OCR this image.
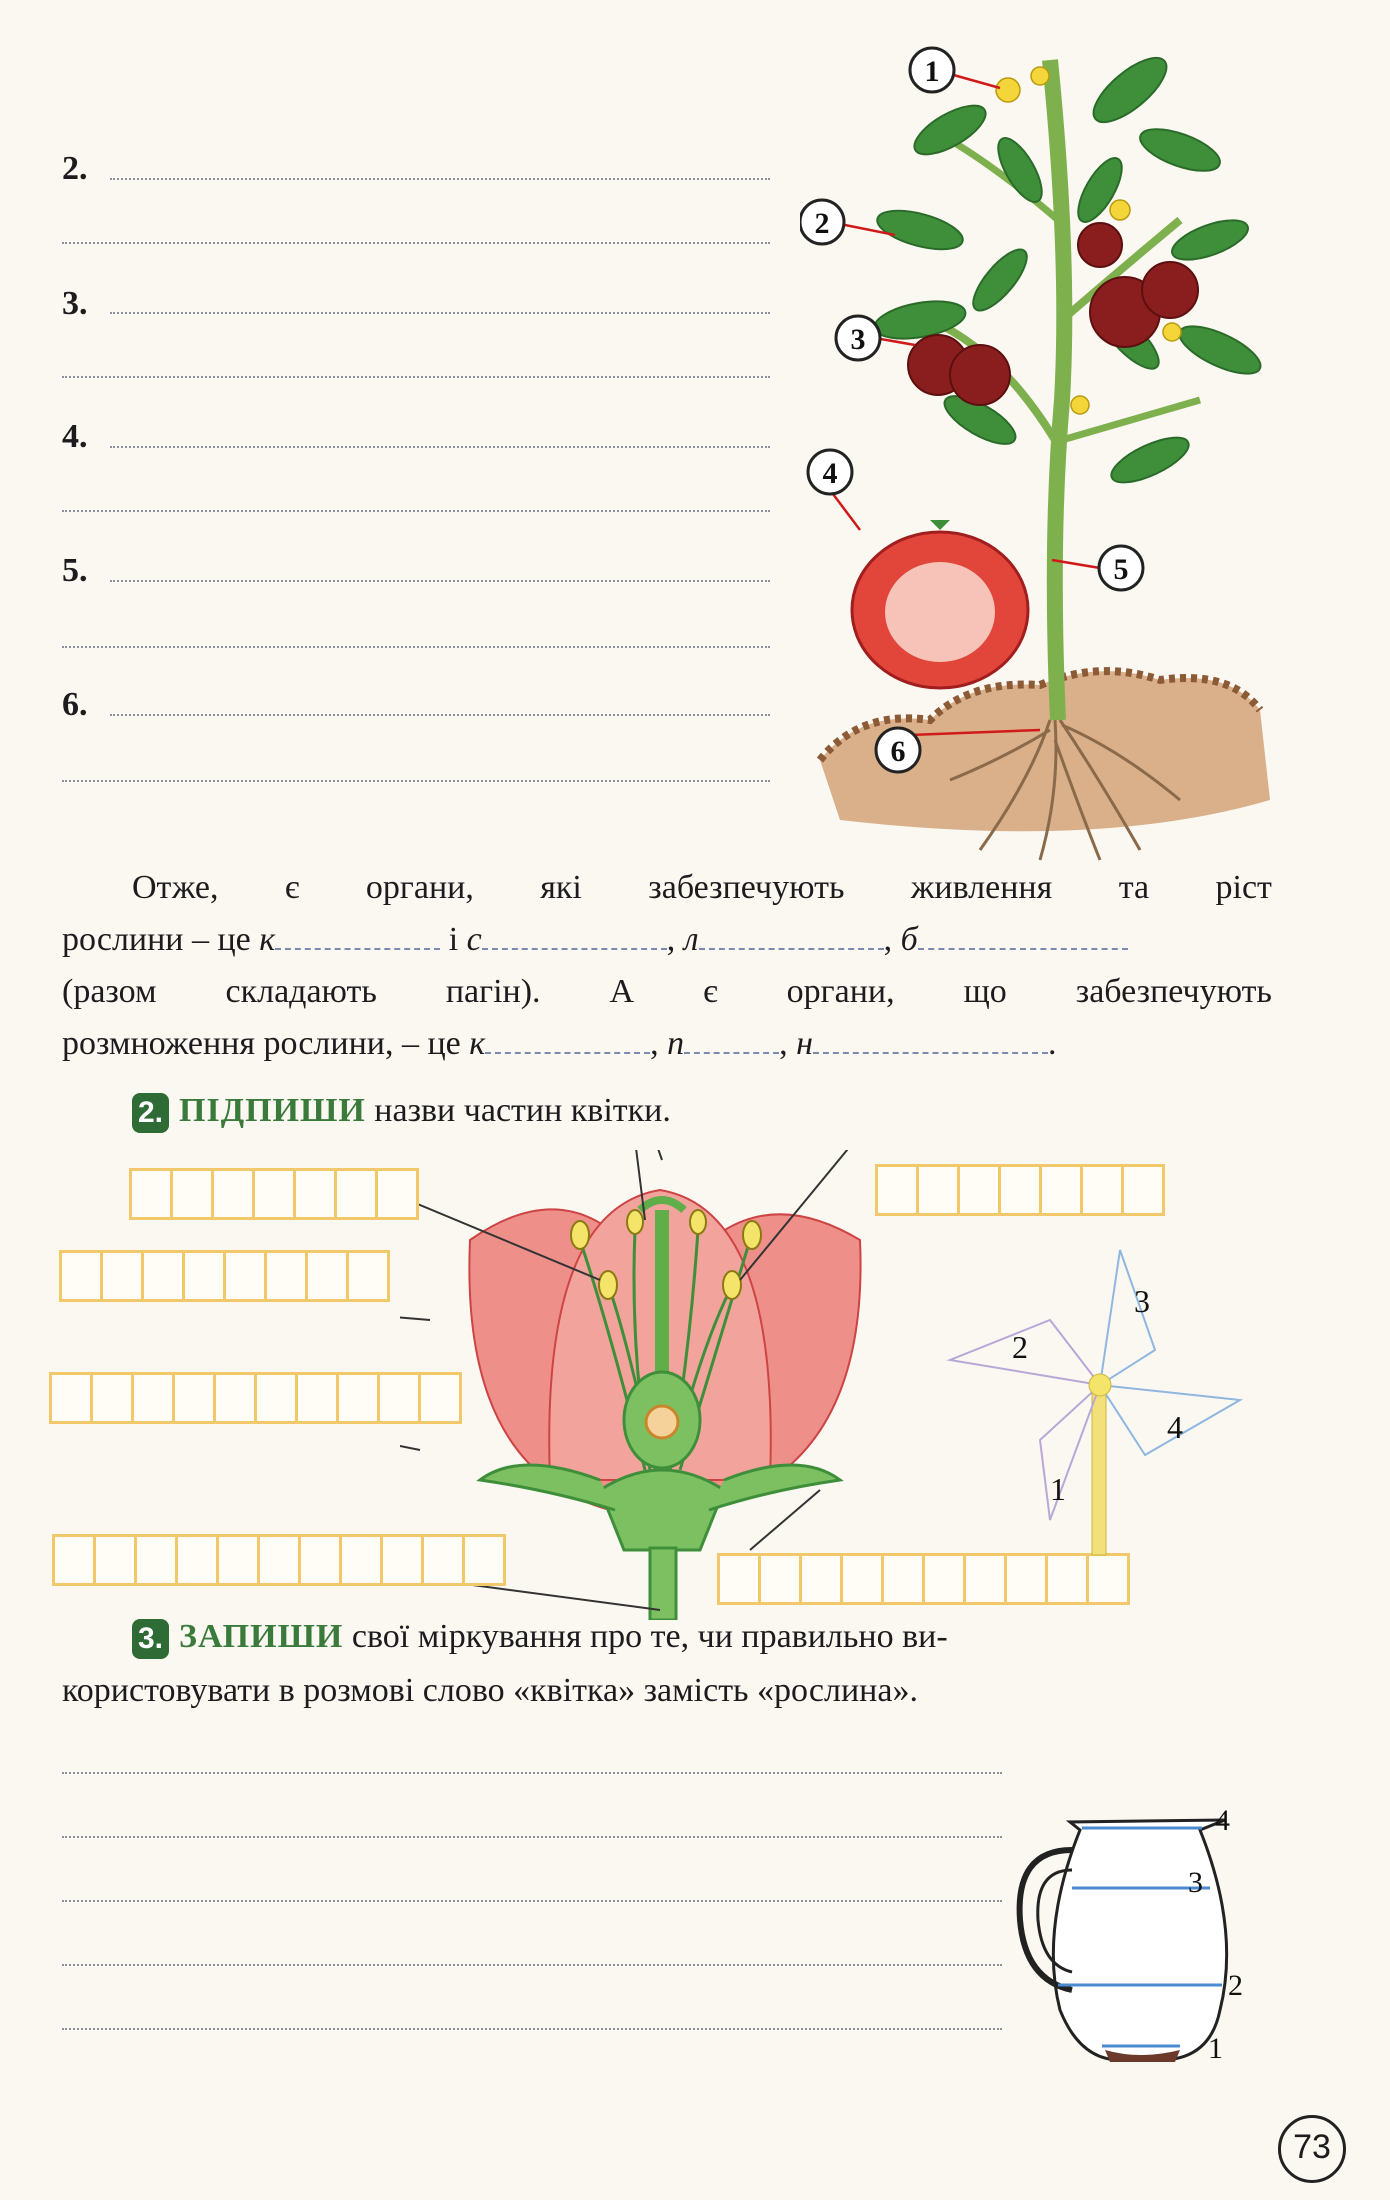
2.
3.
4.
5.
6.
1
2
3
4
5
6
Отже, є органи, які забезпечують живлення та ріст
рослини – це к	і с	, л	, б
(разом складають пагін). А є органи, що забезпечують
розмноження рослини, – це к	, п	, н	.
2. ПІДПИШИ назви частин квітки.
1
2
3
4
3. ЗАПИШИ свої міркування про те, чи правильно ви-
користовувати в розмові слово «квітка» замість «рослина».
4
3
2
1
73
